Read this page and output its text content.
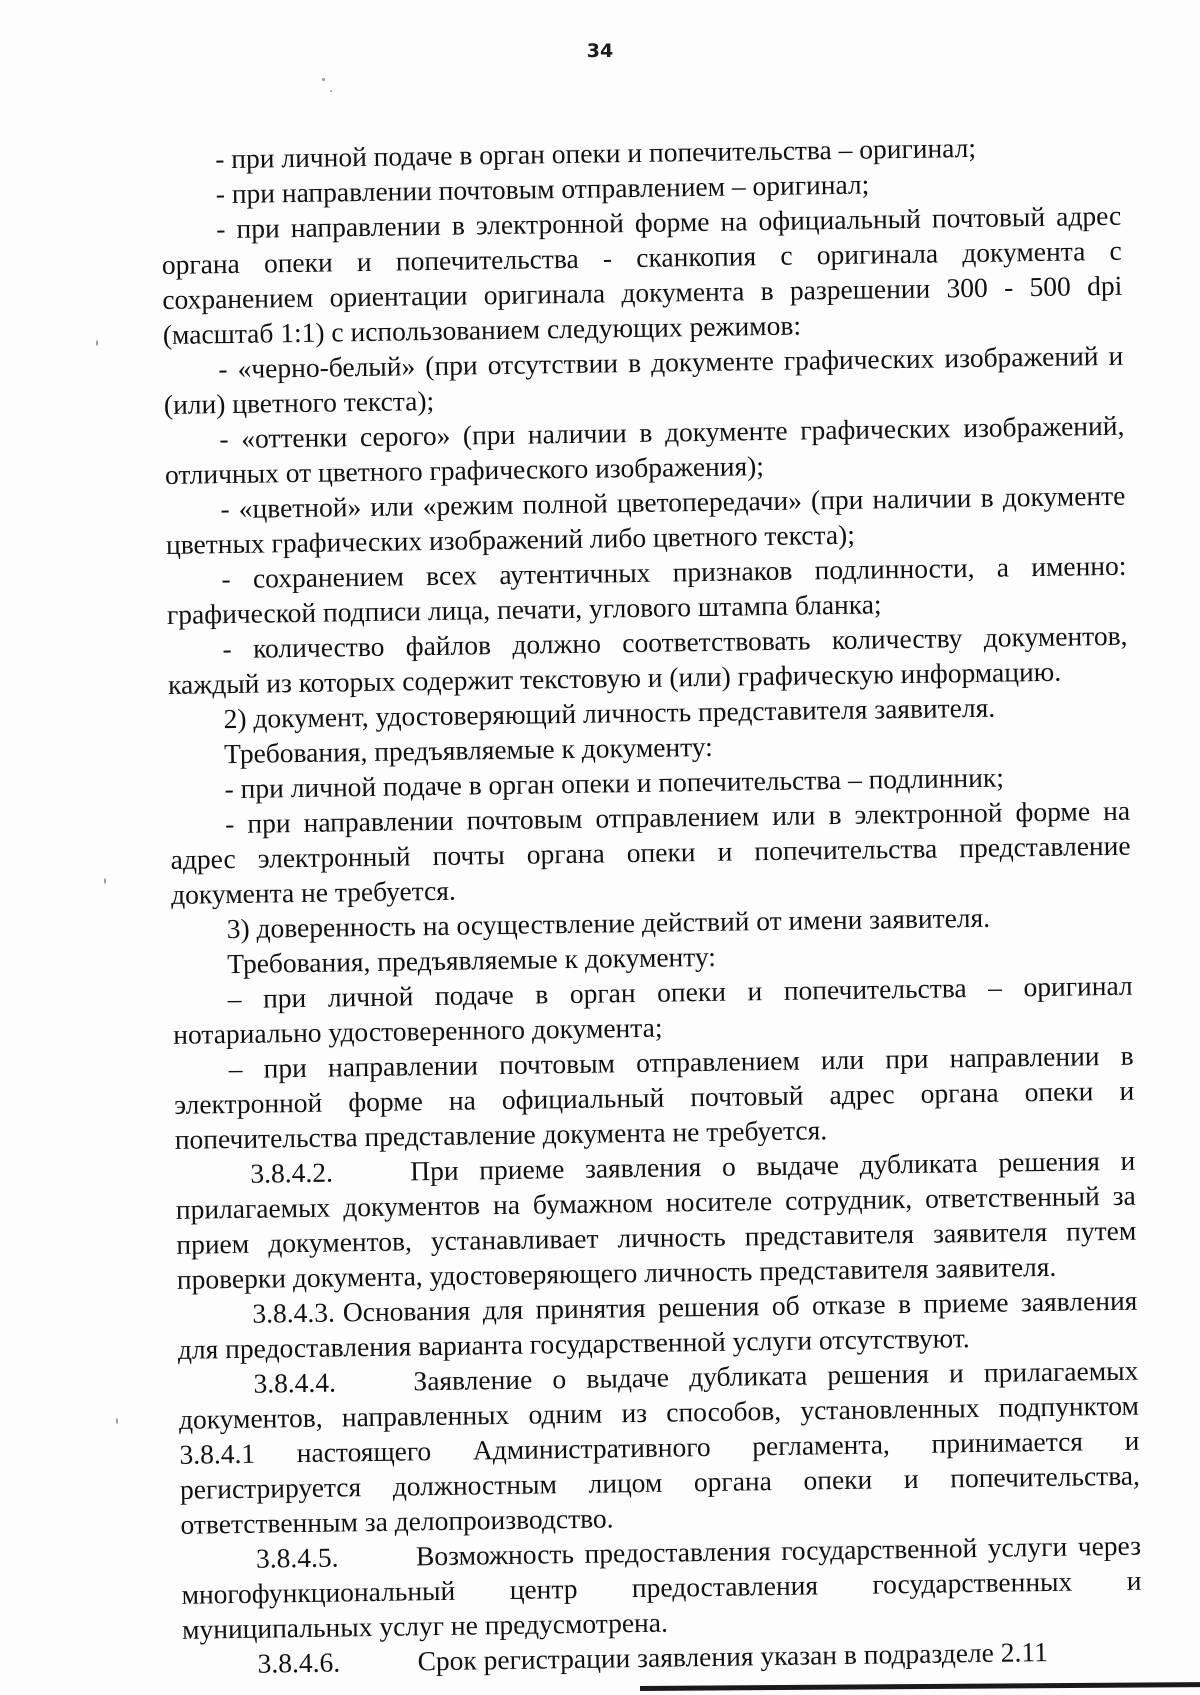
34

- при личной подаче в орган опеки и попечительства – оригинал;

- при направлении почтовым отправлением – оригинал;

- при направлении в электронной форме на официальный почтовый адрес органа опеки и попечительства - сканкопия с оригинала документа с сохранением ориентации оригинала документа в разрешении 300 - 500 dpi (масштаб 1:1) с использованием следующих режимов:

- «черно-белый» (при отсутствии в документе графических изображений и (или) цветного текста);

- «оттенки серого» (при наличии в документе графических изображений, отличных от цветного графического изображения);

- «цветной» или «режим полной цветопередачи» (при наличии в документе цветных графических изображений либо цветного текста);

- сохранением всех аутентичных признаков подлинности, а именно: графической подписи лица, печати, углового штампа бланка;

- количество файлов должно соответствовать количеству документов, каждый из которых содержит текстовую и (или) графическую информацию.

2) документ, удостоверяющий личность представителя заявителя.

Требования, предъявляемые к документу:

- при личной подаче в орган опеки и попечительства – подлинник;

- при направлении почтовым отправлением или в электронной форме на адрес электронный почты органа опеки и попечительства представление документа не требуется.

3) доверенность на осуществление действий от имени заявителя.

Требования, предъявляемые к документу:

– при личной подаче в орган опеки и попечительства – оригинал нотариально удостоверенного документа;

– при направлении почтовым отправлением или при направлении в электронной форме на официальный почтовый адрес органа опеки и попечительства представление документа не требуется.

3.8.4.2.	При приеме заявления о выдаче дубликата решения и прилагаемых документов на бумажном носителе сотрудник, ответственный за прием документов, устанавливает личность представителя заявителя путем проверки документа, удостоверяющего личность представителя заявителя.

3.8.4.3. Основания для принятия решения об отказе в приеме заявления для предоставления варианта государственной услуги отсутствуют.

3.8.4.4.	Заявление о выдаче дубликата решения и прилагаемых документов, направленных одним из способов, установленных подпунктом 3.8.4.1 настоящего Административного регламента, принимается и регистрируется должностным лицом органа опеки и попечительства, ответственным за делопроизводство.

3.8.4.5.	Возможность предоставления государственной услуги через многофункциональный центр предоставления государственных и муниципальных услуг не предусмотрена.

3.8.4.6.	Срок регистрации заявления указан в подразделе 2.11
